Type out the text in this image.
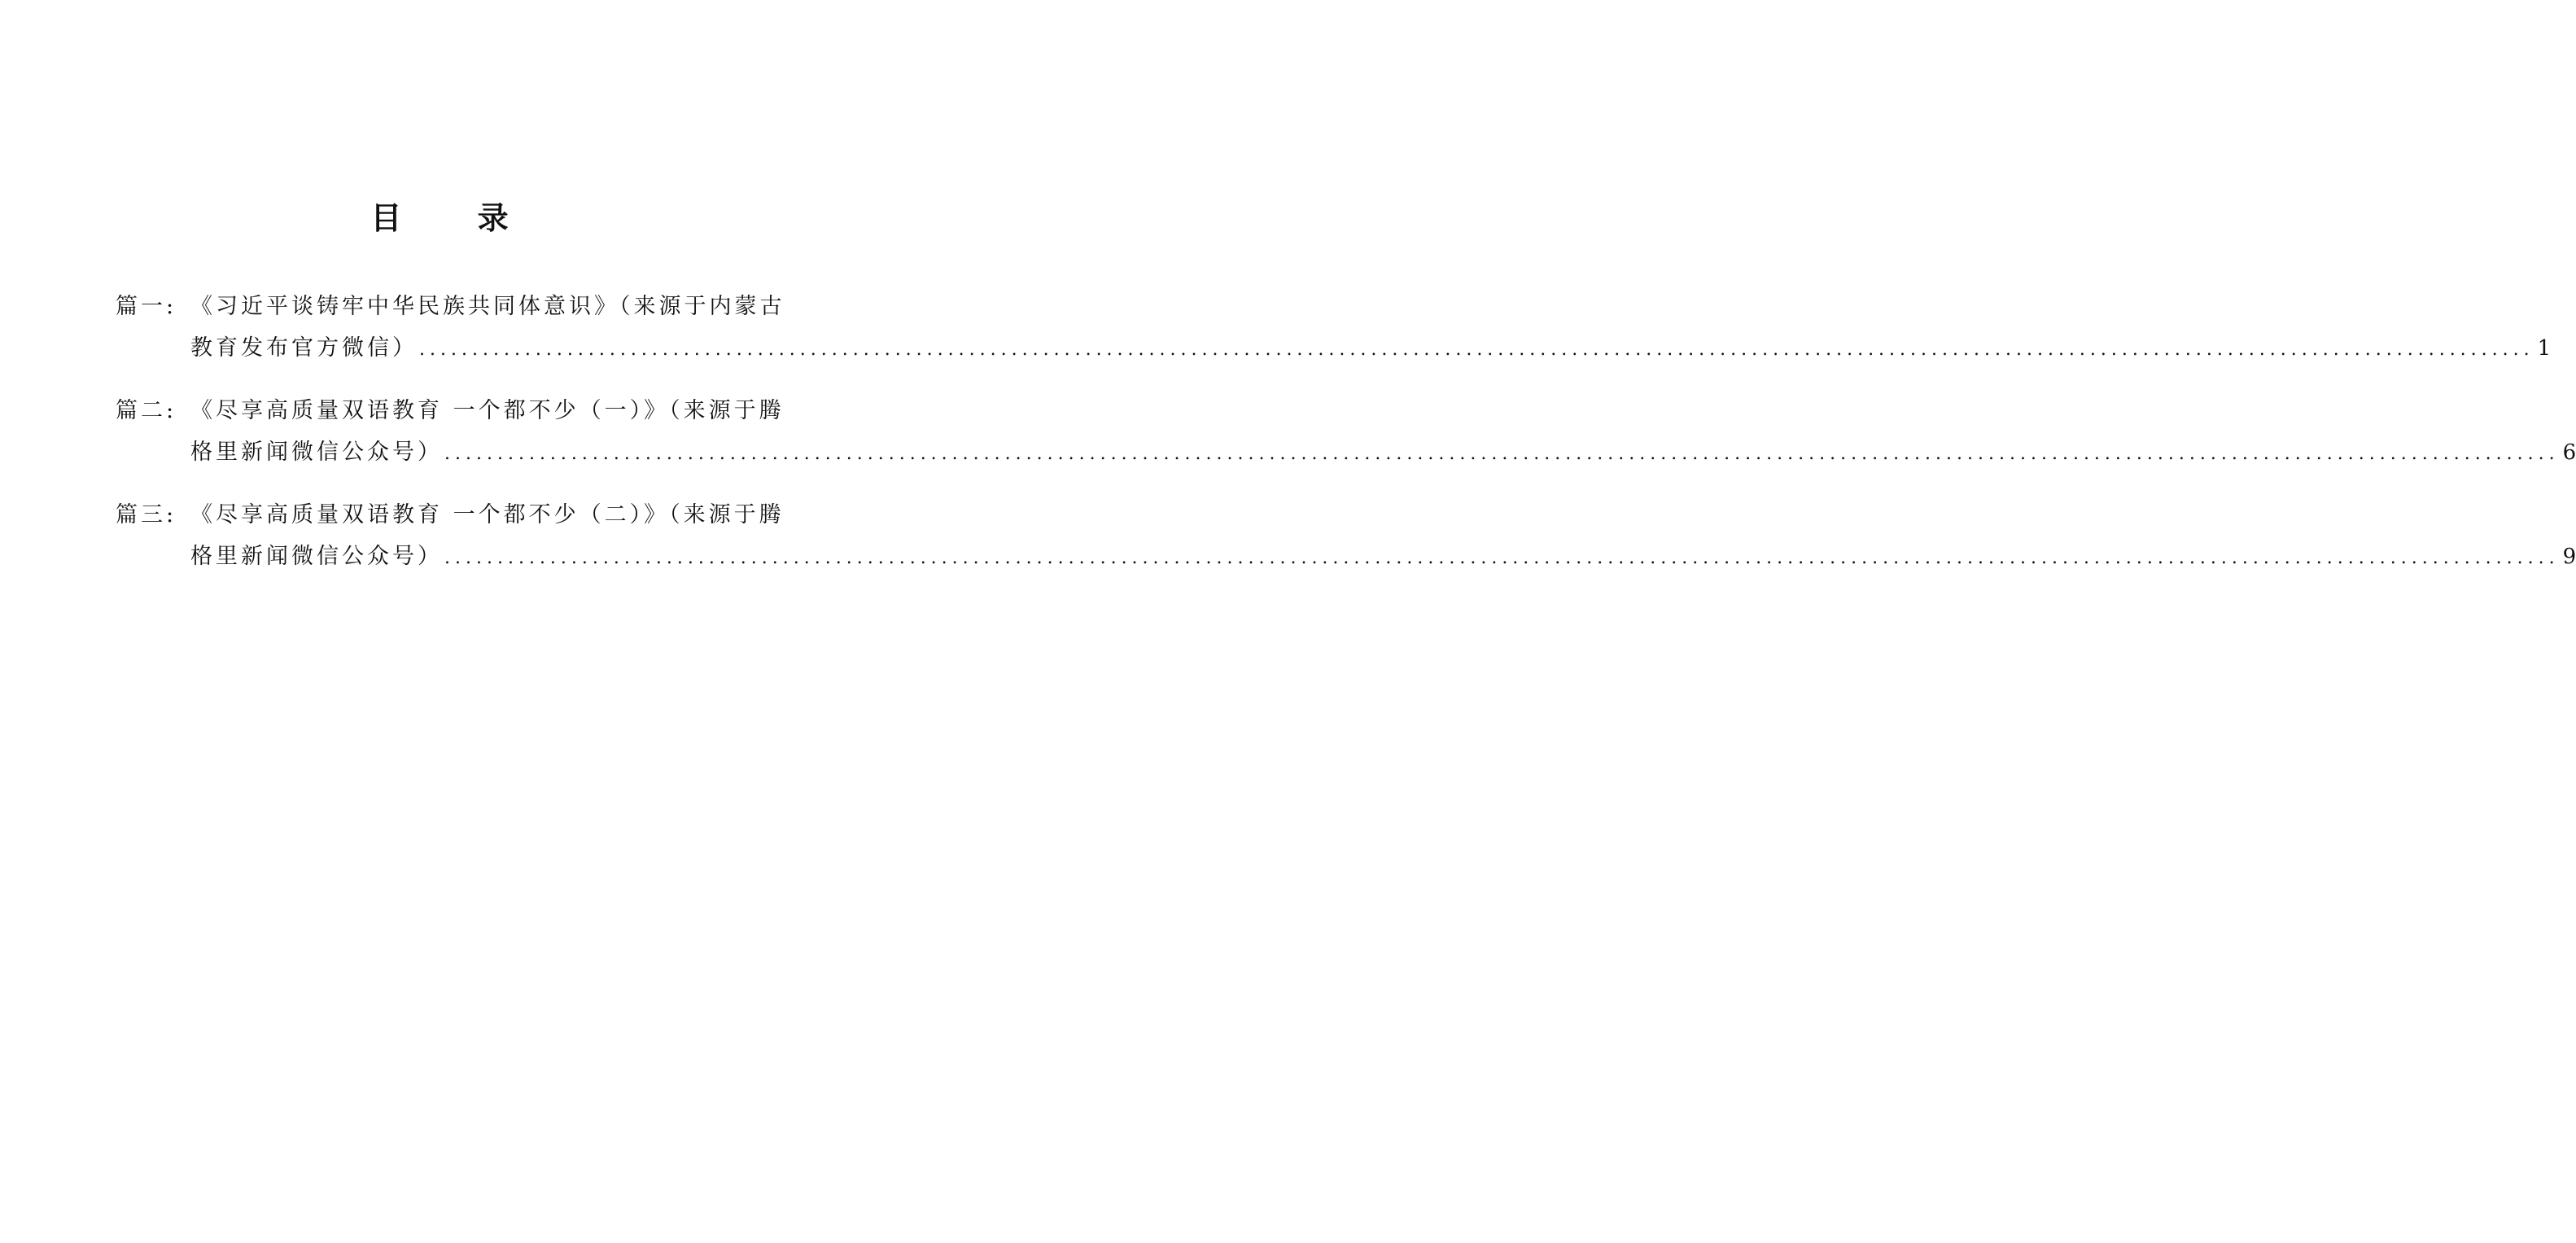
目 录
篇一: 《习近平谈铸牢中华民族共同体意识》（来源于内蒙古
教育发布官方微信） ........................................................................................................................................................................................................ 1
篇二: 《尽享高质量双语教育 一个都不少（一）》（来源于腾
格里新闻微信公众号） ........................................................................................................................................................................................................ 6
篇三: 《尽享高质量双语教育 一个都不少（二）》（来源于腾
格里新闻微信公众号） ........................................................................................................................................................................................................ 9
